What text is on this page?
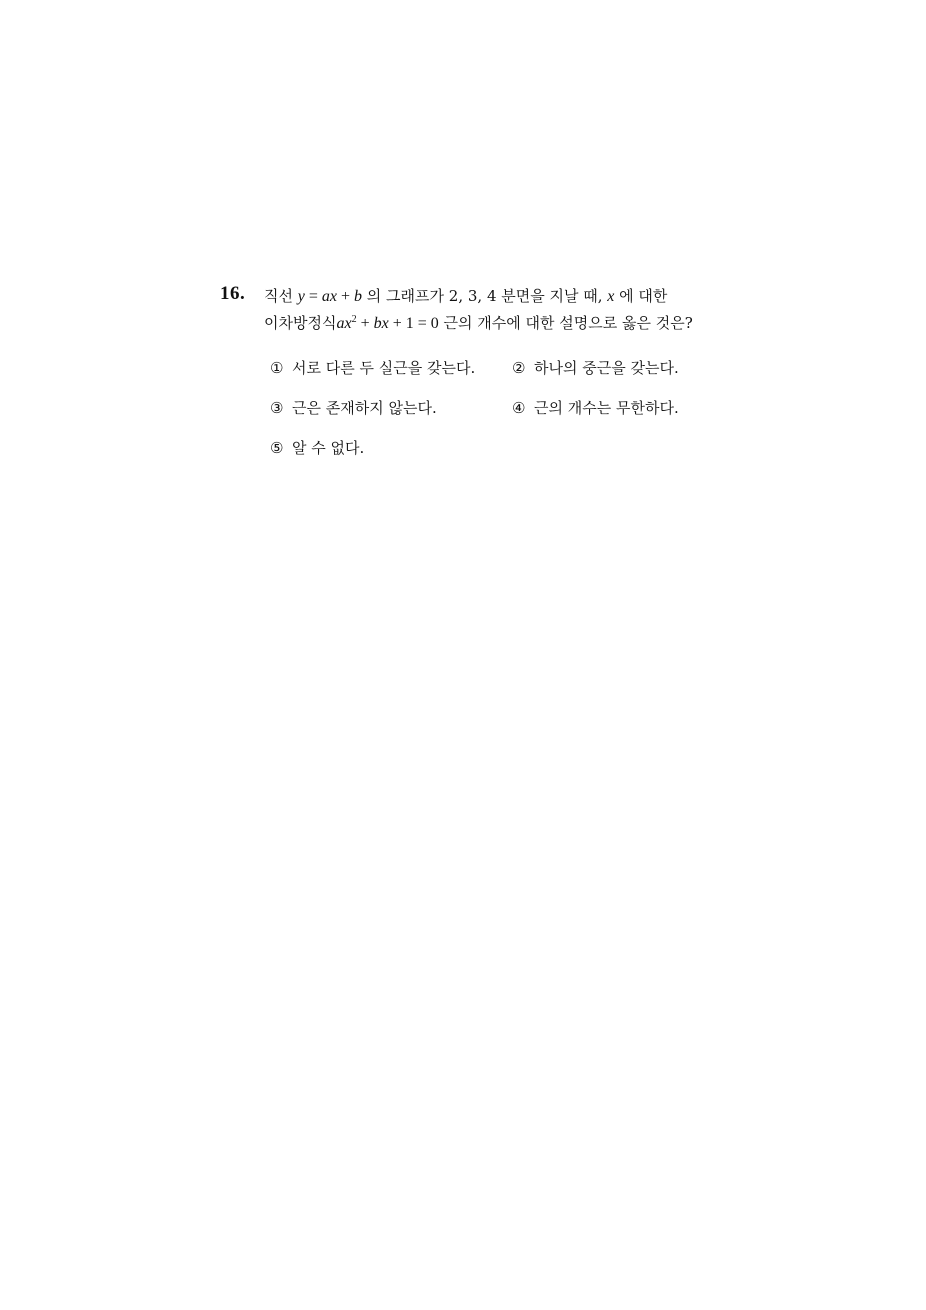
16. 직선 y = ax + b 의 그래프가 2, 3, 4 분면을 지날 때, x 에 대한
이차방정식$ax^2$ + bx + 1 = 0 근의 개수에 대한 설명으로 옳은 것은?
① 서로 다른 두 실근을 갖는다. ② 하나의 중근을 갖는다.
③ 근은 존재하지 않는다.	④ 근의 개수는 무한하다.
⑤ 알 수 없다.
